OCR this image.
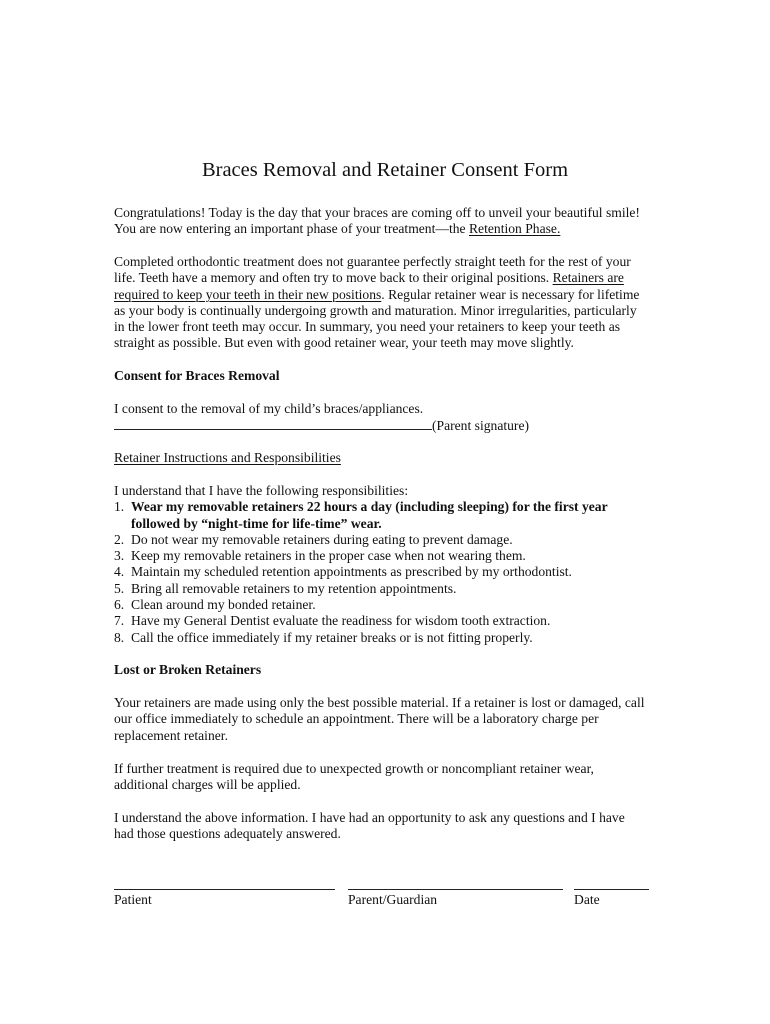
Braces Removal and Retainer Consent Form
Congratulations! Today is the day that your braces are coming off to unveil your beautiful smile!
You are now entering an important phase of your treatment—the Retention Phase.
Completed orthodontic treatment does not guarantee perfectly straight teeth for the rest of your
life. Teeth have a memory and often try to move back to their original positions. Retainers are
required to keep your teeth in their new positions. Regular retainer wear is necessary for lifetime
as your body is continually undergoing growth and maturation. Minor irregularities, particularly
in the lower front teeth may occur. In summary, you need your retainers to keep your teeth as
straight as possible. But even with good retainer wear, your teeth may move slightly.
Consent for Braces Removal
I consent to the removal of my child’s braces/appliances.
(Parent signature)
Retainer Instructions and Responsibilities
I understand that I have the following responsibilities:
1. Wear my removable retainers 22 hours a day (including sleeping) for the first year
followed by “night-time for life-time” wear.
2. Do not wear my removable retainers during eating to prevent damage.
3. Keep my removable retainers in the proper case when not wearing them.
4. Maintain my scheduled retention appointments as prescribed by my orthodontist.
5. Bring all removable retainers to my retention appointments.
6. Clean around my bonded retainer.
7. Have my General Dentist evaluate the readiness for wisdom tooth extraction.
8. Call the office immediately if my retainer breaks or is not fitting properly.
Lost or Broken Retainers
Your retainers are made using only the best possible material. If a retainer is lost or damaged, call
our office immediately to schedule an appointment. There will be a laboratory charge per
replacement retainer.
If further treatment is required due to unexpected growth or noncompliant retainer wear,
additional charges will be applied.
I understand the above information. I have had an opportunity to ask any questions and I have
had those questions adequately answered.
Patient	Parent/Guardian	Date
